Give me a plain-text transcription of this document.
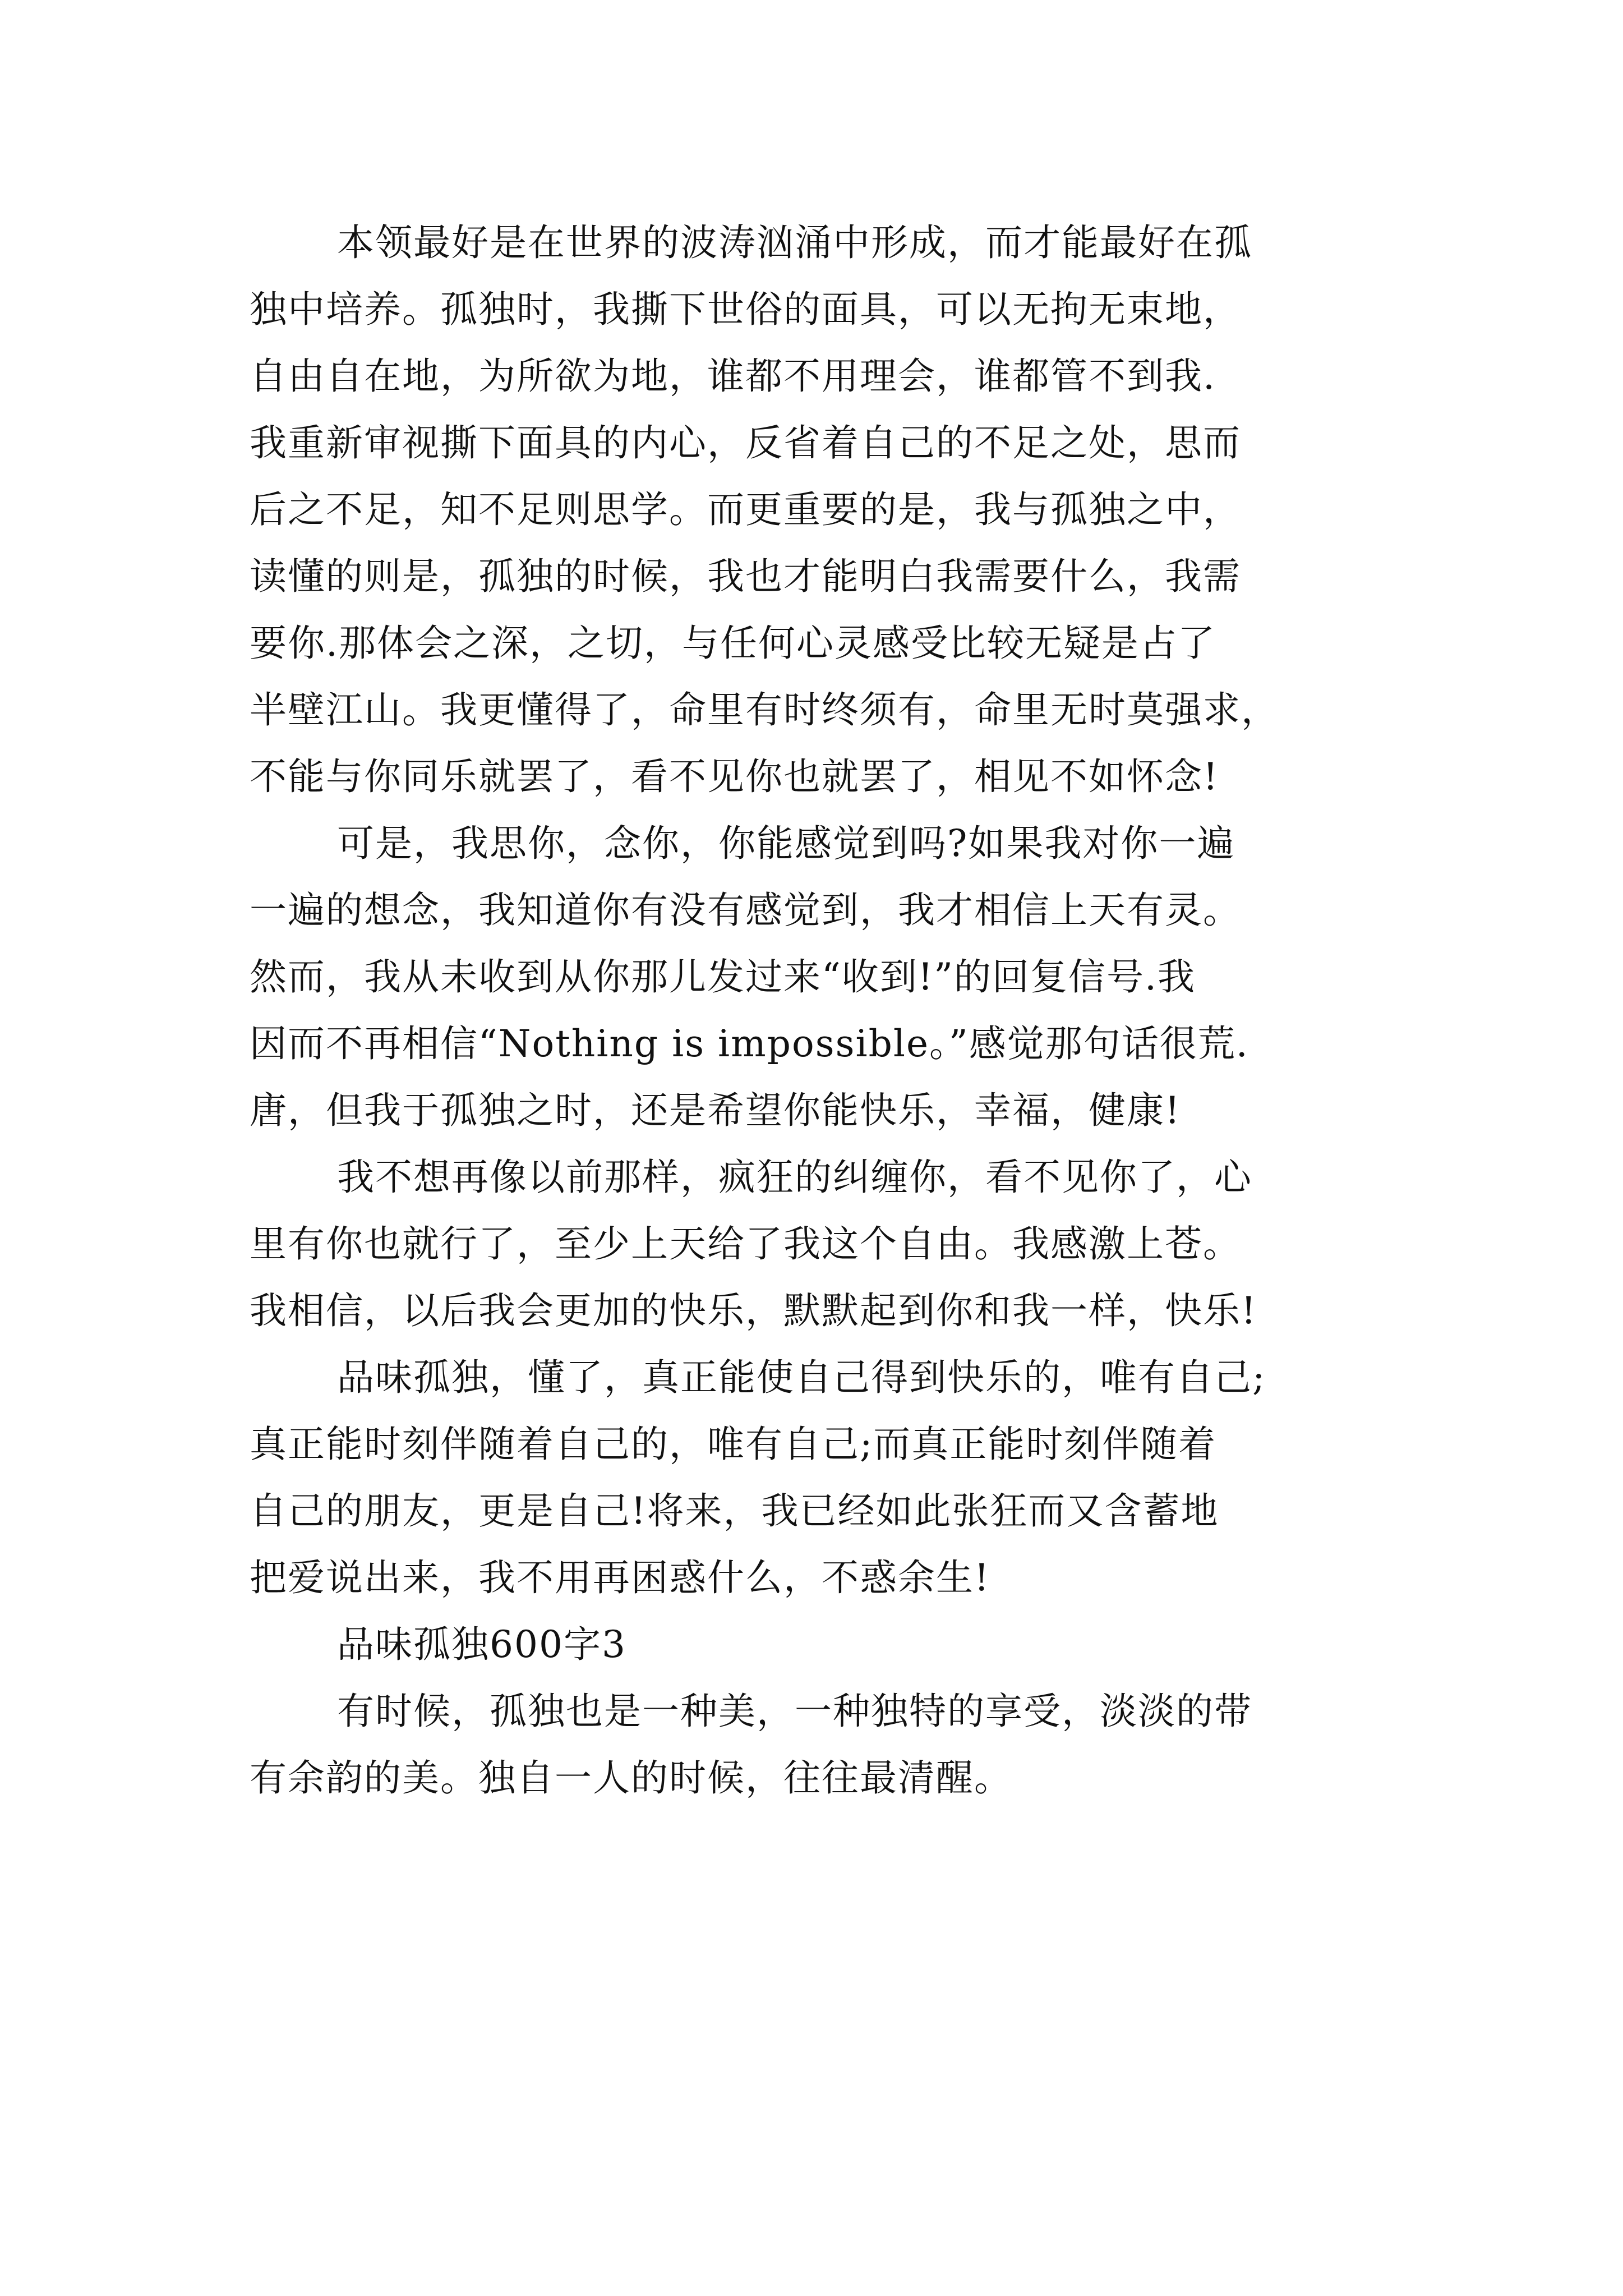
本领最好是在世界的波涛汹涌中形成，而才能最好在孤

独中培养。孤独时，我撕下世俗的面具，可以无拘无束地，

自由自在地，为所欲为地，谁都不用理会，谁都管不到我.

我重新审视撕下面具的内心，反省着自己的不足之处，思而

后之不足，知不足则思学。而更重要的是，我与孤独之中，

读懂的则是，孤独的时候，我也才能明白我需要什么，我需

要你.那体会之深，之切，与任何心灵感受比较无疑是占了

半壁江山。我更懂得了，命里有时终须有，命里无时莫强求，

不能与你同乐就罢了，看不见你也就罢了，相见不如怀念!

可是，我思你，念你，你能感觉到吗?如果我对你一遍

一遍的想念，我知道你有没有感觉到，我才相信上天有灵。

然而，我从未收到从你那儿发过来“收到!”的回复信号.我

因而不再相信“Nothing is impossible。”感觉那句话很荒.

唐，但我于孤独之时，还是希望你能快乐，幸福，健康!

我不想再像以前那样，疯狂的纠缠你，看不见你了，心

里有你也就行了，至少上天给了我这个自由。我感激上苍。

我相信，以后我会更加的快乐，默默起到你和我一样，快乐!

品味孤独，懂了，真正能使自己得到快乐的，唯有自己;

真正能时刻伴随着自己的，唯有自己;而真正能时刻伴随着

自己的朋友，更是自己!将来，我已经如此张狂而又含蓄地

把爱说出来，我不用再困惑什么，不惑余生!

品味孤独600字3

有时候，孤独也是一种美，一种独特的享受，淡淡的带

有余韵的美。独自一人的时候，往往最清醒。
